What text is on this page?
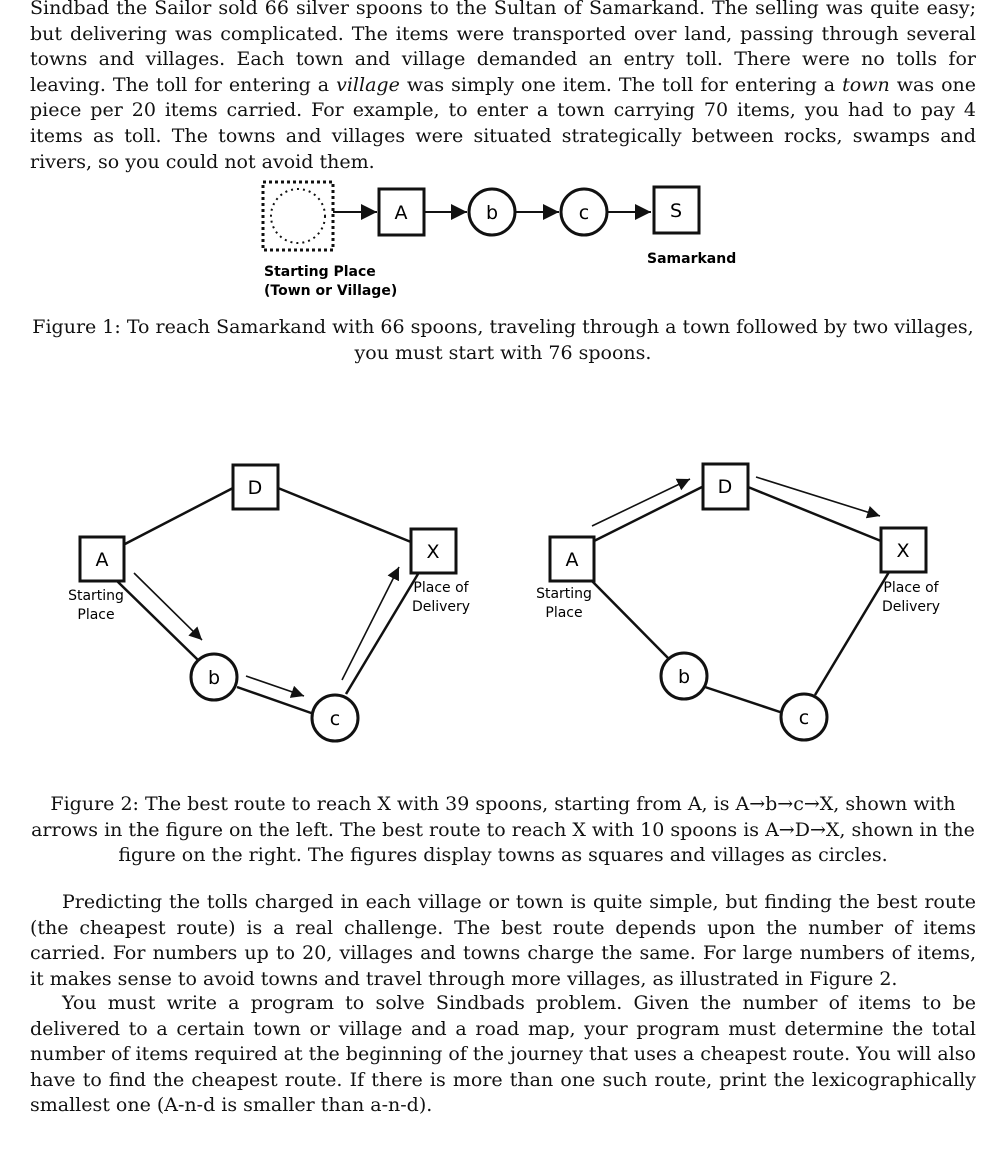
Sindbad the Sailor sold 66 silver spoons to the Sultan of Samarkand. The selling was quite easy; but delivering was complicated. The items were transported over land, passing through several towns and villages. Each town and village demanded an entry toll. There were no tolls for leaving. The toll for entering a village was simply one item. The toll for entering a town was one piece per 20 items carried. For example, to enter a town carrying 70 items, you had to pay 4 items as toll. The towns and villages were situated strategically between rocks, swamps and rivers, so you could not avoid them.

A	b	c	S
Starting Place
(Town or Village)
Samarkand
A
D
X
b
c
Starting
Place
Place of
Delivery
A
D
X
b
c
Starting
Place
Place of
Delivery

Figure 1: To reach Samarkand with 66 spoons, traveling through a town followed by two villages, you must start with 76 spoons.

Figure 2: The best route to reach X with 39 spoons, starting from A, is A→b→c→X, shown with arrows in the figure on the left. The best route to reach X with 10 spoons is A→D→X, shown in the figure on the right. The figures display towns as squares and villages as circles.

Predicting the tolls charged in each village or town is quite simple, but finding the best route (the cheapest route) is a real challenge. The best route depends upon the number of items carried. For numbers up to 20, villages and towns charge the same. For large numbers of items, it makes sense to avoid towns and travel through more villages, as illustrated in Figure 2.

You must write a program to solve Sindbads problem. Given the number of items to be delivered to a certain town or village and a road map, your program must determine the total number of items required at the beginning of the journey that uses a cheapest route. You will also have to find the cheapest route. If there is more than one such route, print the lexicographically smallest one (A-n-d is smaller than a-n-d).
